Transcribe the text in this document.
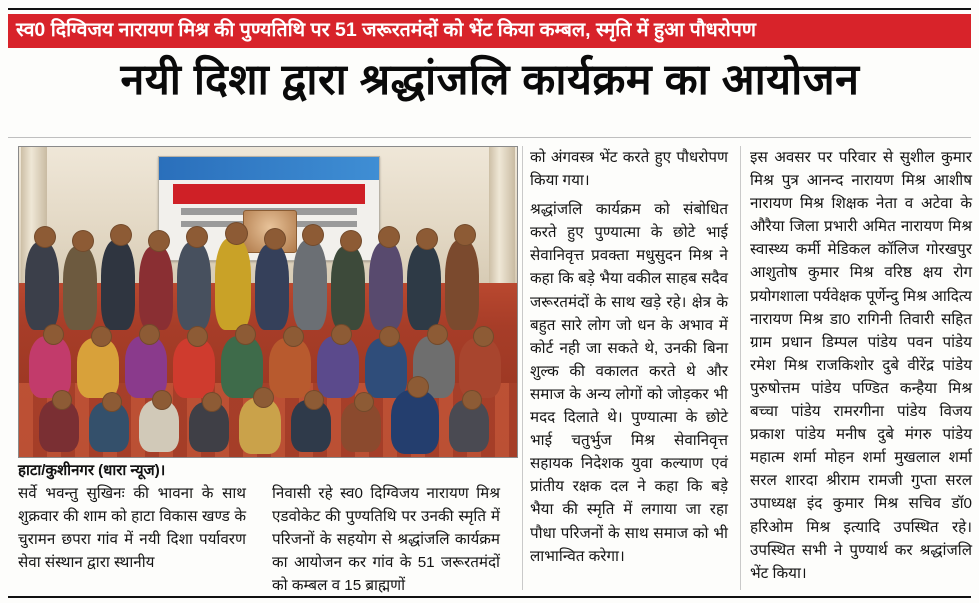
स्व0 दिग्विजय नारायण मिश्र की पुण्यतिथि पर 51 जरूरतमंदों को भेंट किया कम्बल, स्मृति में हुआ पौधरोपण
नयी दिशा द्वारा श्रद्धांजलि कार्यक्रम का आयोजन
हाटा/कुशीनगर (धारा न्यूज)।

सर्वे भवन्तु सुखिनः की भावना के साथ शुक्रवार की शाम को हाटा विकास खण्ड के चुरामन छपरा गांव में नयी दिशा पर्यावरण सेवा संस्थान द्वारा स्थानीय

निवासी रहे स्व0 दिग्विजय नारायण मिश्र एडवोकेट की पुण्यतिथि पर उनकी स्मृति में परिजनों के सहयोग से श्रद्धांजलि कार्यक्रम का आयोजन कर गांव के 51 जरूरतमंदों को कम्बल व 15 ब्राह्मणों

को अंगवस्त्र भेंट करते हुए पौधरोपण किया गया।

श्रद्धांजलि कार्यक्रम को संबोधित करते हुए पुण्यात्मा के छोटे भाई सेवानिवृत्त प्रवक्ता मधुसुदन मिश्र ने कहा कि बड़े भैया वकील साहब सदैव जरूरतमंदों के साथ खड़े रहे। क्षेत्र के बहुत सारे लोग जो धन के अभाव में कोर्ट नही जा सकते थे, उनकी बिना शुल्क की वकालत करते थे और समाज के अन्य लोगों को जोड़कर भी मदद दिलाते थे। पुण्यात्मा के छोटे भाई चतुर्भुज मिश्र सेवानिवृत्त सहायक निदेशक युवा कल्याण एवं प्रांतीय रक्षक दल ने कहा कि बड़े भैया की स्मृति में लगाया जा रहा पौधा परिजनों के साथ समाज को भी लाभान्वित करेगा।

इस अवसर पर परिवार से सुशील कुमार मिश्र पुत्र आनन्द नारायण मिश्र आशीष नारायण मिश्र शिक्षक नेता व अटेवा के औरैया जिला प्रभारी अमित नारायण मिश्र स्वास्थ्य कर्मी मेडिकल कॉलिज गोरखपुर आशुतोष कुमार मिश्र वरिष्ठ क्षय रोग प्रयोगशाला पर्यवेक्षक पूर्णेन्दु मिश्र आदित्य नारायण मिश्र डा0 रागिनी तिवारी सहित ग्राम प्रधान डिम्पल पांडेय पवन पांडेय रमेश मिश्र राजकिशोर दुबे वीरेंद्र पांडेय पुरुषोत्तम पांडेय पण्डित कन्हैया मिश्र बच्चा पांडेय रामरगीना पांडेय विजय प्रकाश पांडेय मनीष दुबे मंगरु पांडेय महात्म शर्मा मोहन शर्मा मुखलाल शर्मा सरल शारदा श्रीराम रामजी गुप्ता सरल उपाध्यक्ष इंद कुमार मिश्र सचिव डॉ0 हरिओम मिश्र इत्यादि उपस्थित रहे। उपस्थित सभी ने पुण्यार्थ कर श्रद्धांजलि भेंट किया।
